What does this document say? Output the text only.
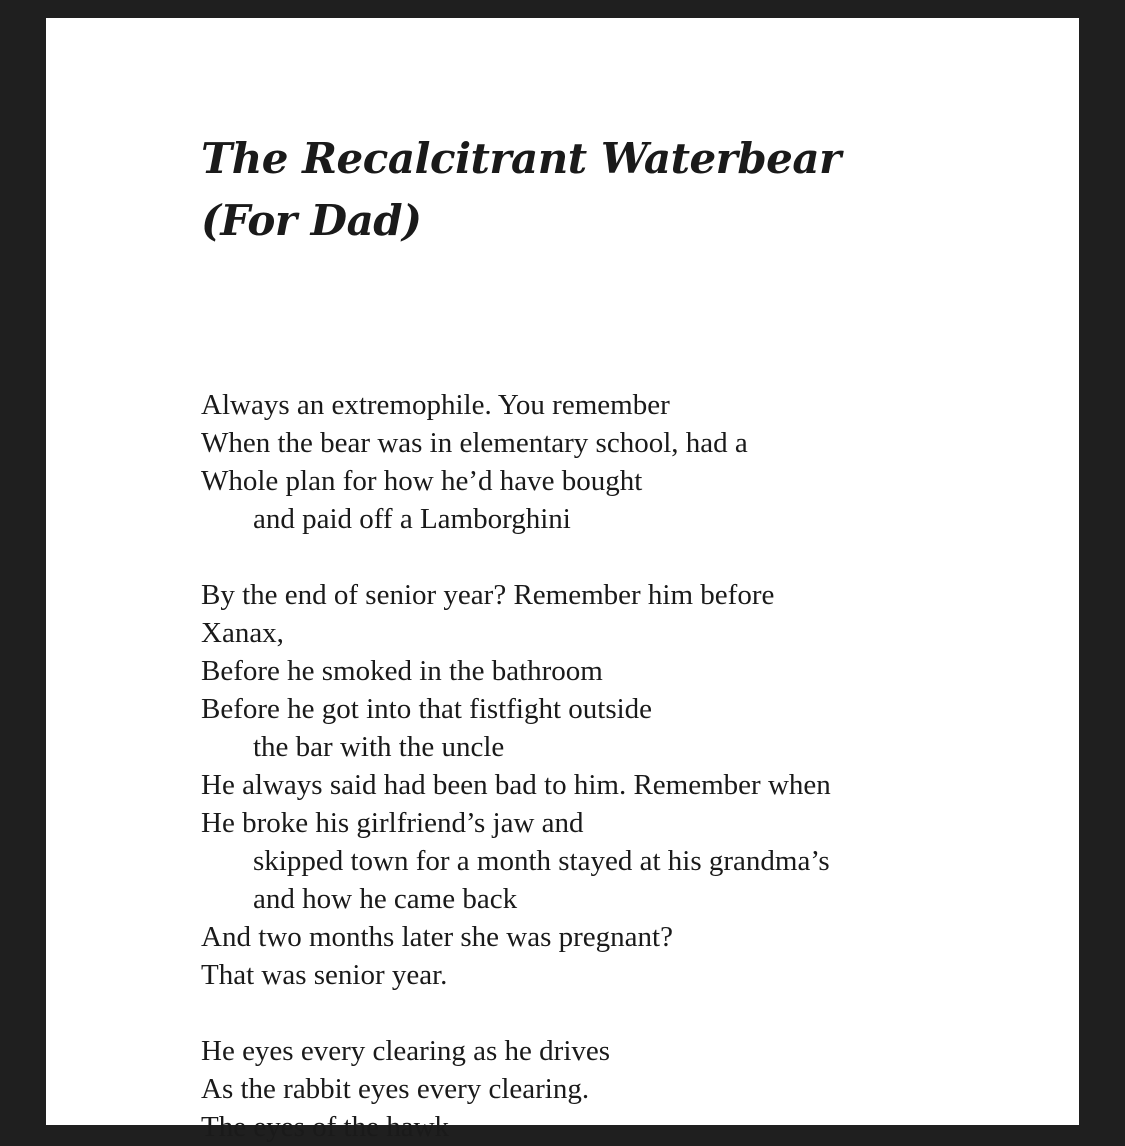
The Recalcitrant Waterbear
(For Dad)
Always an extremophile. You remember
When the bear was in elementary school, had a
Whole plan for how he’d have bought
and paid off a Lamborghini
By the end of senior year? Remember him before
Xanax,
Before he smoked in the bathroom
Before he got into that fistfight outside
the bar with the uncle
He always said had been bad to him. Remember when
He broke his girlfriend’s jaw and
skipped town for a month stayed at his grandma’s
and how he came back
And two months later she was pregnant?
That was senior year.
He eyes every clearing as he drives
As the rabbit eyes every clearing.
The eyes of the hawk
